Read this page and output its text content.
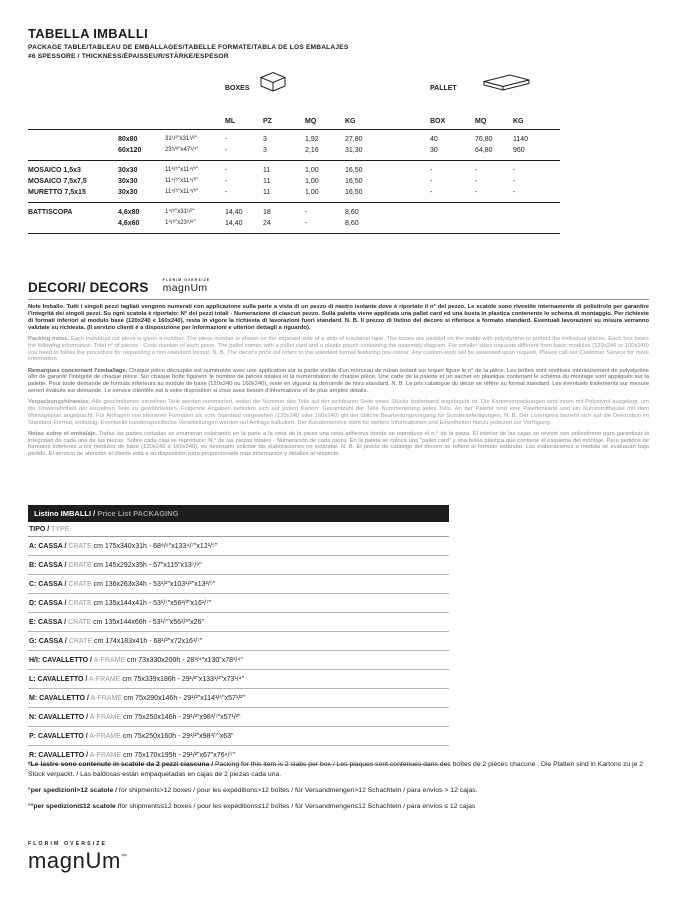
TABELLA IMBALLI
PACKAGE TABLE/TABLEAU DE EMBALLAGES/TABELLE FORMATE/TABLA DE LOS EMBALAJES
≠6 SPESSORE / THICKNESS/ÉPAISSEUR/STÄRKE/ESPESOR
BOXES	PALLET
ML	PZ	MQ	KG	BOX	MQ	KG
80x80	31¹/²"x31¹/²"	-	3	1,92	27,80	40	76,80	1140
60x120	23⁵/⁸"x47¹/⁴"	-	3	2,16	31,30	30	64,80	960
MOSAICO 1,5x3	30x30	11⁴/⁵"x11⁴/⁵"	-	11	1,00	16,50	-	-	-
MOSAICO 7,5x7,5	30x30	11⁴/⁵"x11⁴/⁵"	-	11	1,00	16,50	-	-	-
MURETTO 7,5x15	30x30	11⁴/⁵"x11⁴/⁵"	-	11	1,00	16,50	-	-	-
BATTISCOPA	4,6x80	1⁴/⁵"x31¹/²"	14,40	18	-	8,60
4,6x60	1⁴/⁵"x23⁵/⁸"	14,40	24	-	8,60
DECORI/ DECORS	FLORIM OVERSIZE
magnUm

Note Imballo. Tutti i singoli pezzi tagliati vengono numerati con applicazione sulla parte a vista di un pezzo di nastro isolante dove è riportato il n° del pezzo. Le scatole sono rivestite internamente di polistirolo per garantire l'integrità dei singoli pezzi. Su ogni scatola è riportato: N° dei pezzi totali - Numerazione di ciascun pezzo. Sulla paletta viene applicata una pallet card ed una busta in plastica contenente lo schema di montaggio. Per richieste di formati inferiori al modulo base (120x240 e 160x240), resta in vigore la richiesta di lavorazioni fuori standard. N. B. Il prezzo di listino del decoro si riferisce a formato standard. Eventuali lavorazioni su misura verranno valutate su richiesta. (Il servizio clienti è a disposizione per informazioni e ulteriori dettagli a riguardo).

Packing notes. Each individual cut piece is given a number. The piece number is shown on the exposed side of a strip of insulation tape. The boxes are padded on the inside with polystyrene to protect the individual pieces. Each box bears the following information: Total n° of pieces - Code number of each piece. The pallet comes with a pallet card and a plastic pouch containing the assembly diagram. For smaller sizes requests different from basic modules (120x240 or 160x240) you need to follow the procedure for requesting a non-standard format. N. B. The decor's price list refers to the standard format featuring one colour. Any custom-work will be assessed upon request. Please call our Customer Service for more information.

Remarques concernant l'emballage. Chaque pièce découpée est numérotée avec une application sur la partie visible d'un morceau de ruban isolant sur lequel figure le n° de la pièce. Les boîtes sont revêtues intérieurement de polystyrène afin de garantir l'intégrité de chaque pièce. Sur chaque boîte figurent: le nombre de pièces totales et la numérotation de chaque pièce. Une carte de la palette et un sachet en plastique contenant le schéma du montage sont appliqués sur la palette. Pour toute demande de formats inférieurs au module de base (120x240 ou 160x240), reste en vigueur la demande de hors standard. N. B. Le prix catalogue du décor se réfère au format standard. Les éventuels traitements sur mesure seront évalués sur demande. Le service clientèle est à votre disposition si vous avez besoin d'informations et de plus amples détails.

Verpackungshinweise. Alle geschnittenen einzelnen Teile werden nummeriert, wobei die Nummer des Teils auf der sichtbaren Seite eines Stücks Isolierband angebracht ist. Die Kartonverpackungen sind innen mit Polystyrol ausgelegt, um die Unversehrtheit der einzelnen Teile zu gewährleisten. Folgende Angaben befinden sich auf jedem Karton: Gesamtzahl der Teile Nummerierung jedes Teils. An der Palette sind eine Palettenkarte und ein Kunststoffbeutel mit dem Montageplan angebracht. Für Anfragen von kleineren Formaten als vom Standard vorgesehen (120x240 oder 160x240) gilt der übliche Bearbeitungsvorgang für Sonderanfertigungen. N. B. Der Listenpreis bezieht sich auf die Dekoration im Standard-Format, einfarbig. Eventuelle kundenspezifische Verarbeitungen werden auf Anfrage kalkuliert. Der Kundenservice steht für weitere Informationen und Einzelheiten hierzu jederzeit zur Verfügung.

Notas sobre el embalaje. Todas las partes cortadas se enumeran colocando en la parte a la vista de la pieza una cinta adhesiva donde se reproduce el n.° de la pieza. El interior de las cajas se reviste con poliestireno para garantizar la integridad de cada una de las piezas. Sobre cada caja se reproduce: N.° de las piezas totales - Numeración de cada pieza. En la paleta se coloca una “pallet card” y una bolsa plástica que contiene el esquema del montaje. Para pedidos de formatos inferiores a los módulos de base (120x240 o 160x240), es necesario solicitar las elaboraciones no estándar. N. B. El precio de catálogo del decoro se refiere al formato estándar. Las elaboraciones a medida se evaluarán bajo pedido. El servicio de atención al cliente está a su disposición para proporcionarle más información y detalles al respecto.

Listino IMBALLI / Price List PACKAGING
TIPO / TYPE
A: CASSA / CRATE cm 175x340x31h - 68⁸/⁹"x133⁴/⁷"x12¹/⁵"
B: CASSA / CRATE cm 145x292x35h - 57"x115"x13⁷/⁹"
C: CASSA / CRATE cm 136x263x34h - 53¹/²"x103¹/²"x13²/⁵"
D: CASSA / CRATE cm 135x144x41h - 53¹/⁷"x56²/³"x16¹/⁷"
E: CASSA / CRATE cm 135x144x66h - 53¹/⁷"x56²/³"x26"
G: CASSA / CRATE cm 174x183x41h - 68¹/²"x72x16¹/⁷"
H/I: CAVALLETTO / A-FRAME cm 73x330x200h - 28³/⁴"x130"x78³/⁴"
L: CAVALLETTO / A-FRAME cm 75x339x186h - 29¹/²"x133¹/²"x73¹/⁴"
M: CAVALLETTO / A-FRAME cm 75x290x146h - 29¹/²"x114¹/⁶"x57¹/²"
N: CAVALLETTO / A-FRAME cm 75x250x146h - 29¹/²"x98³/⁷"x57¹/²"
P: CAVALLETTO / A-FRAME cm 75x250x160h - 29¹/²"x98³/⁷"x63"
R: CAVALLETTO / A-FRAME cm 75x170x195h - 29¹/²"x67"x76⁴/⁵"

*Le lastre sono contenute in scatole da 2 pezzi ciascuna / Packing for this item is 2 slabs per box / Les plaques sont contenues dans des boîtes de 2 pièces chacune . Die Platten sind in Kartons zu je 2 Stück verpackt. / Las baldosas están empaquetadas en cajas de 2 piezas cada una.

°per spedizioni>12 scatole / for shipments>12 boxes / pour les expéditions>12 boîtes / für Versandmengen>12 Schachteln / para envíos > 12 cajas.

°°per spedizioni≤12 scatole /for shipments≤12 boxes / pour les expéditions≤12 boîtes / für Versandmengen≤12 Schachteln / para envíos ≤ 12 cajas

FLORIM OVERSIZE
magnUm™
